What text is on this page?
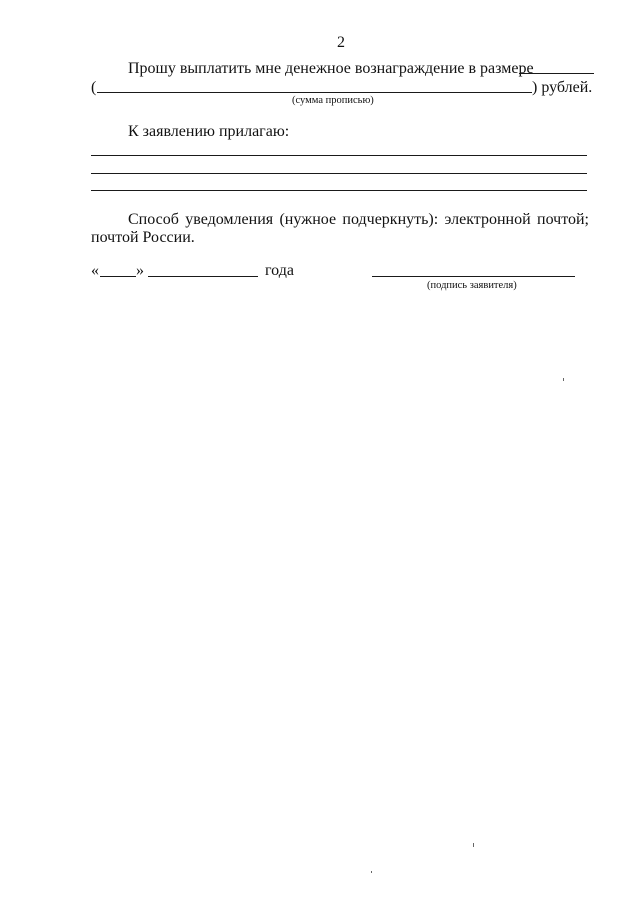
2
Прошу выплатить мне денежное вознаграждение в размере
(	) рублей.
(сумма прописью)
К заявлению прилагаю:
Способ уведомления (нужное подчеркнуть): электронной почтой;
почтой России.
« »	года
(подпись заявителя)
